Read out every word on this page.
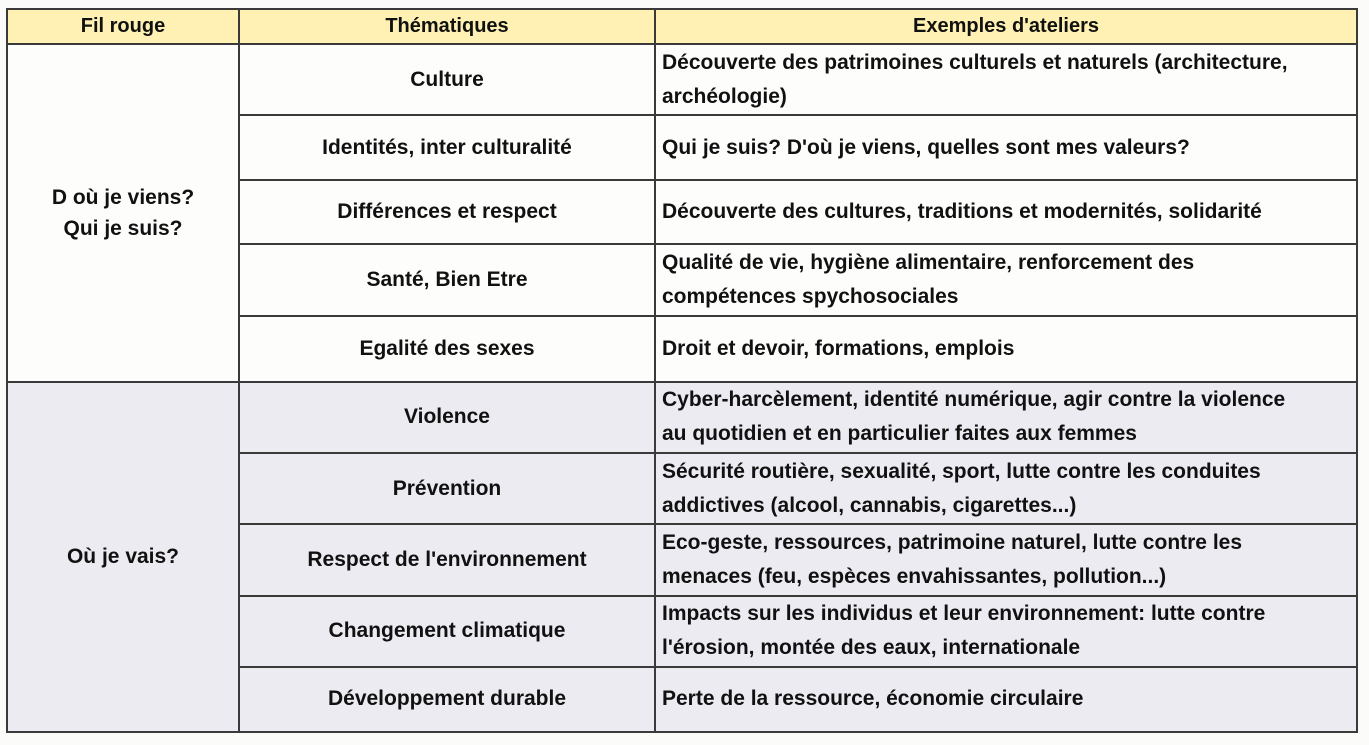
Fil rouge	Thématiques	Exemples d'ateliers

D où je viens?
Qui je suis?	Culture	Découverte des patrimoines culturels et naturels (architecture,
archéologie)

	Identités, inter culturalité	Qui je suis? D'où je viens, quelles sont mes valeurs?

	Différences et respect	Découverte des cultures, traditions et modernités, solidarité

	Santé, Bien Etre	Qualité de vie, hygiène alimentaire, renforcement des
compétences spychosociales

	Egalité des sexes	Droit et devoir, formations, emplois

Où je vais?	Violence	Cyber-harcèlement, identité numérique, agir contre la violence
au quotidien et en particulier faites aux femmes

	Prévention	Sécurité routière, sexualité, sport, lutte contre les conduites
addictives (alcool, cannabis, cigarettes...)

	Respect de l'environnement	Eco-geste, ressources, patrimoine naturel, lutte contre les
menaces (feu, espèces envahissantes, pollution...)

	Changement climatique	Impacts sur les individus et leur environnement: lutte contre
l'érosion, montée des eaux, internationale

	Développement durable	Perte de la ressource, économie circulaire
